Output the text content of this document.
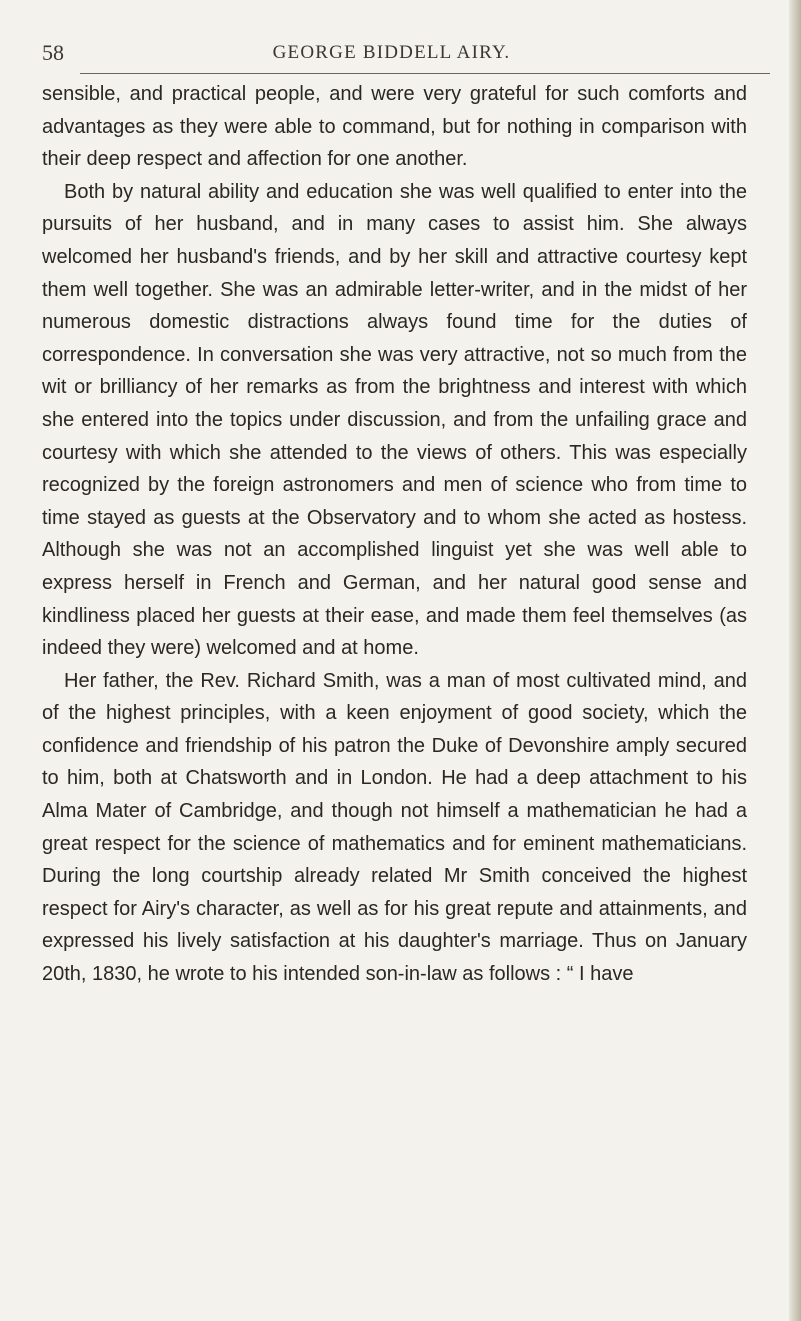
58	GEORGE BIDDELL AIRY.

sensible, and practical people, and were very grateful for such comforts and advantages as they were able to command, but for nothing in comparison with their deep respect and affection for one another.

Both by natural ability and education she was well qualified to enter into the pursuits of her husband, and in many cases to assist him. She always welcomed her husband's friends, and by her skill and attractive courtesy kept them well together. She was an admirable letter-writer, and in the midst of her numerous domestic distractions always found time for the duties of correspondence. In conversation she was very attractive, not so much from the wit or brilliancy of her remarks as from the brightness and interest with which she entered into the topics under discussion, and from the unfailing grace and courtesy with which she attended to the views of others. This was especially recognized by the foreign astronomers and men of science who from time to time stayed as guests at the Observatory and to whom she acted as hostess. Although she was not an accomplished linguist yet she was well able to express herself in French and German, and her natural good sense and kindliness placed her guests at their ease, and made them feel themselves (as indeed they were) welcomed and at home.

Her father, the Rev. Richard Smith, was a man of most cultivated mind, and of the highest principles, with a keen enjoyment of good society, which the confidence and friendship of his patron the Duke of Devonshire amply secured to him, both at Chatsworth and in London. He had a deep attachment to his Alma Mater of Cambridge, and though not himself a mathematician he had a great respect for the science of mathematics and for eminent mathematicians. During the long courtship already related Mr Smith conceived the highest respect for Airy's character, as well as for his great repute and attainments, and expressed his lively satisfaction at his daughter's marriage. Thus on January 20th, 1830, he wrote to his intended son-in-law as follows : “ I have
